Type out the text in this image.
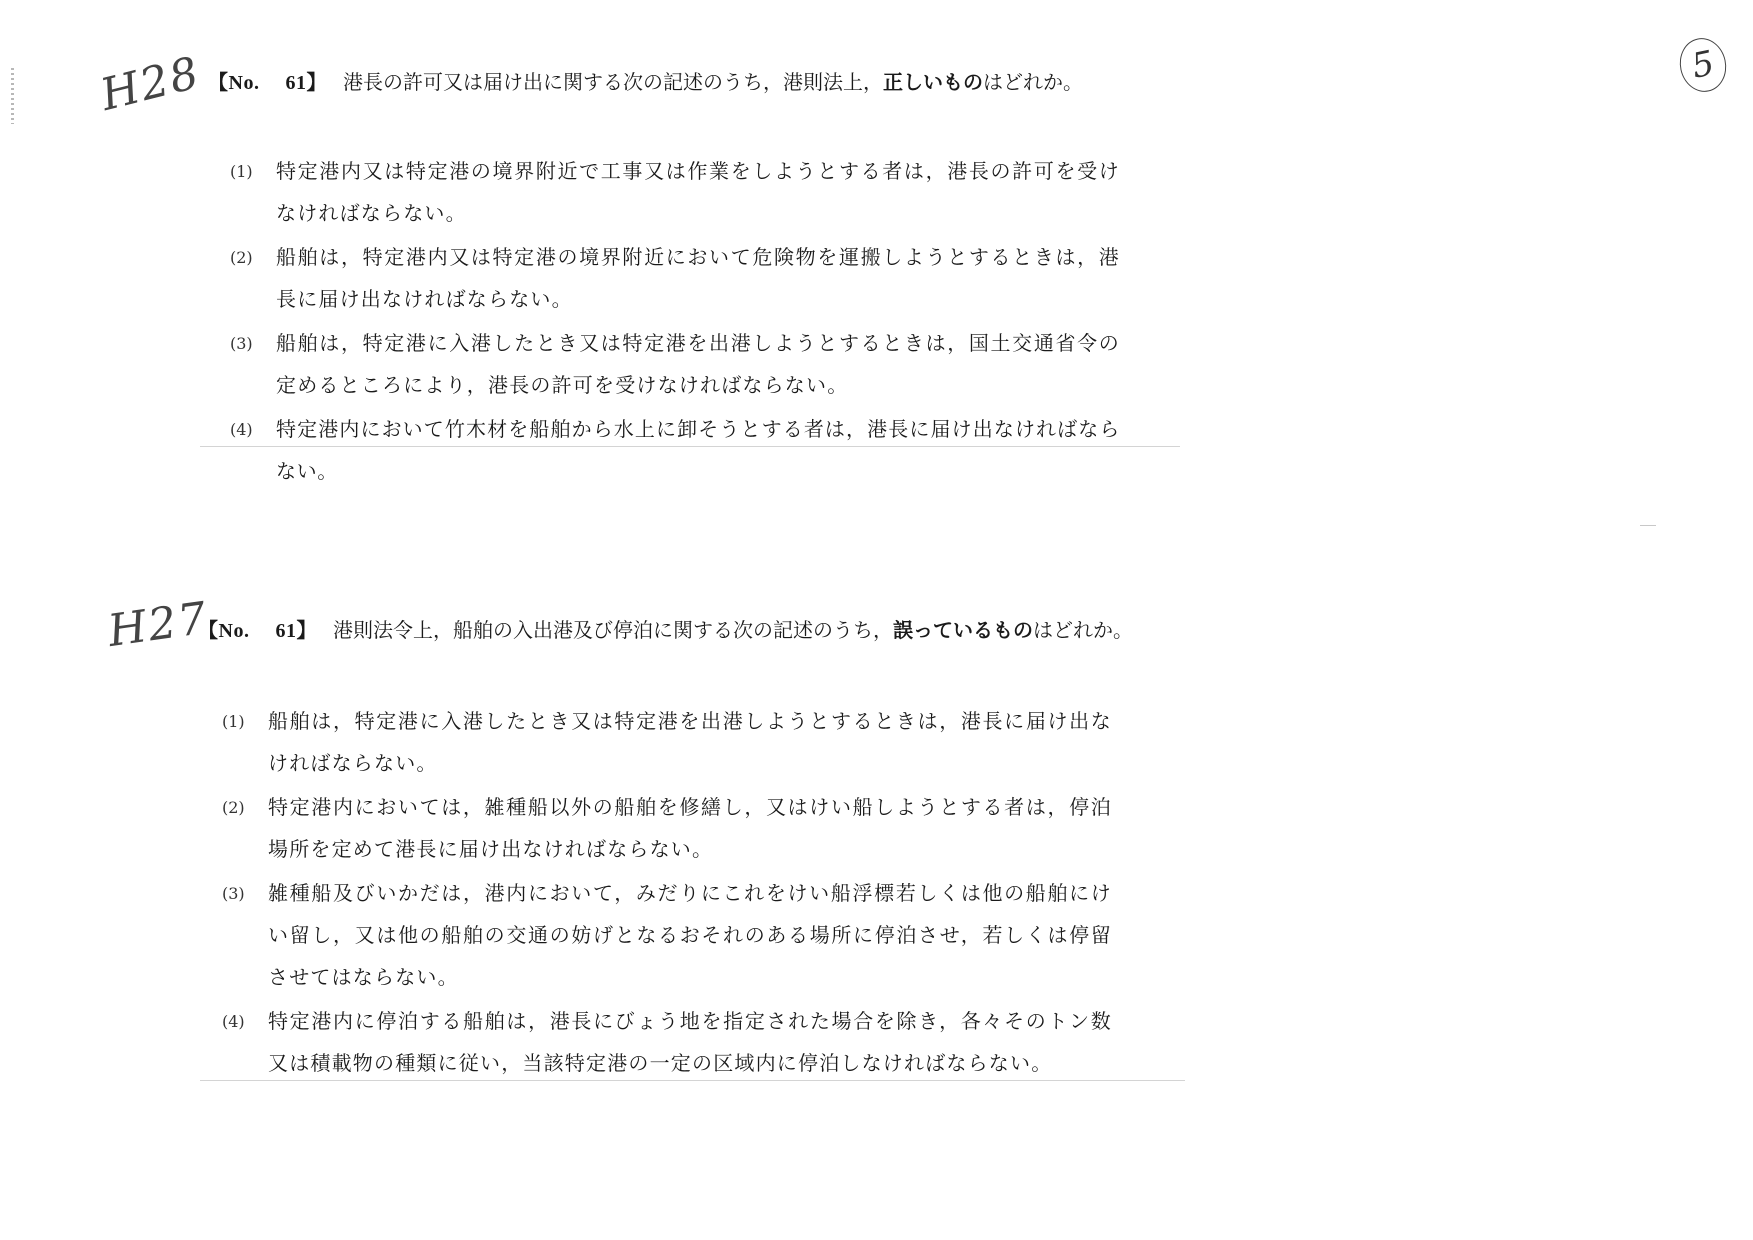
5
H28 【No. 61】 港長の許可又は届け出に関する次の記述のうち，港則法上，正しいものはどれか。
(1)	特定港内又は特定港の境界附近で工事又は作業をしようとする者は，港長の許可を受けなければならない。
(2)	船舶は，特定港内又は特定港の境界附近において危険物を運搬しようとするときは，港長に届け出なければならない。
(3)	船舶は，特定港に入港したとき又は特定港を出港しようとするときは，国土交通省令の定めるところにより，港長の許可を受けなければならない。
(4)	特定港内において竹木材を船舶から水上に卸そうとする者は，港長に届け出なければならない。
H27
【No. 61】 港則法令上，船舶の入出港及び停泊に関する次の記述のうち，誤っているものはどれか。
(1)	船舶は，特定港に入港したとき又は特定港を出港しようとするときは，港長に届け出なければならない。
(2)	特定港内においては，雑種船以外の船舶を修繕し，又はけい船しようとする者は，停泊場所を定めて港長に届け出なければならない。
(3)	雑種船及びいかだは，港内において，みだりにこれをけい船浮標若しくは他の船舶にけい留し，又は他の船舶の交通の妨げとなるおそれのある場所に停泊させ，若しくは停留させてはならない。
(4)	特定港内に停泊する船舶は，港長にびょう地を指定された場合を除き，各々そのトン数又は積載物の種類に従い，当該特定港の一定の区域内に停泊しなければならない。
